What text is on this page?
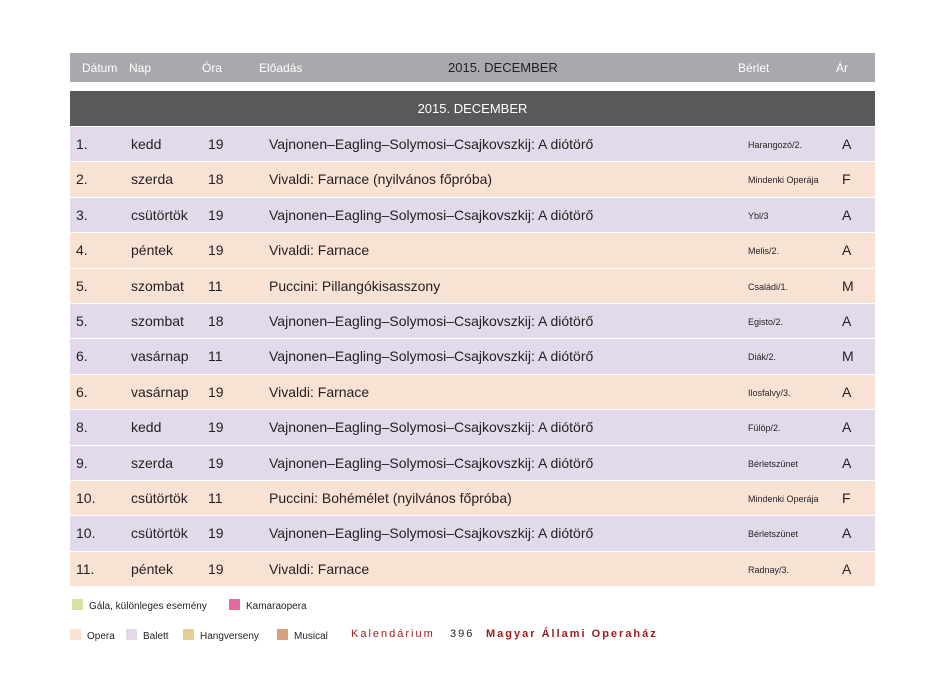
Dátum Nap	Óra	Előadás	2015. DECEMBER	Bérlet	Ár
2015. DECEMBER
1.	kedd	19	Vajnonen–Eagling–Solymosi–Csajkovszkij: A diótörő	Harangozó/2.	A
2.	szerda 18	Vivaldi: Farnace (nyilvános főpróba)	Mindenki Operája F
3.	csütörtök 19	Vajnonen–Eagling–Solymosi–Csajkovszkij: A diótörő	Ybl/3	A
4.	péntek 19	Vivaldi: Farnace	Melis/2.	A
5.	szombat 11	Puccini: Pillangókisasszony	Családi/1.	M
5.	szombat 18	Vajnonen–Eagling–Solymosi–Csajkovszkij: A diótörő	Egisto/2.	A
6.	vasárnap 11	Vajnonen–Eagling–Solymosi–Csajkovszkij: A diótörő	Diák/2.	M
6.	vasárnap 19	Vivaldi: Farnace	Ilosfalvy/3.	A
8.	kedd	19	Vajnonen–Eagling–Solymosi–Csajkovszkij: A diótörő	Fülöp/2.	A
9.	szerda 19	Vajnonen–Eagling–Solymosi–Csajkovszkij: A diótörő	Bérletszünet	A
10.	csütörtök 11	Puccini: Bohémélet (nyilvános főpróba)	Mindenki Operája F
10.	csütörtök 19	Vajnonen–Eagling–Solymosi–Csajkovszkij: A diótörő	Bérletszünet	A
11.	péntek 19	Vivaldi: Farnace	Radnay/3.	A
Gála, különleges esemény	Kamaraopera
Opera	Balett	Hangverseny	Musical Kalendárium 396 Magyar Állami Operaház
